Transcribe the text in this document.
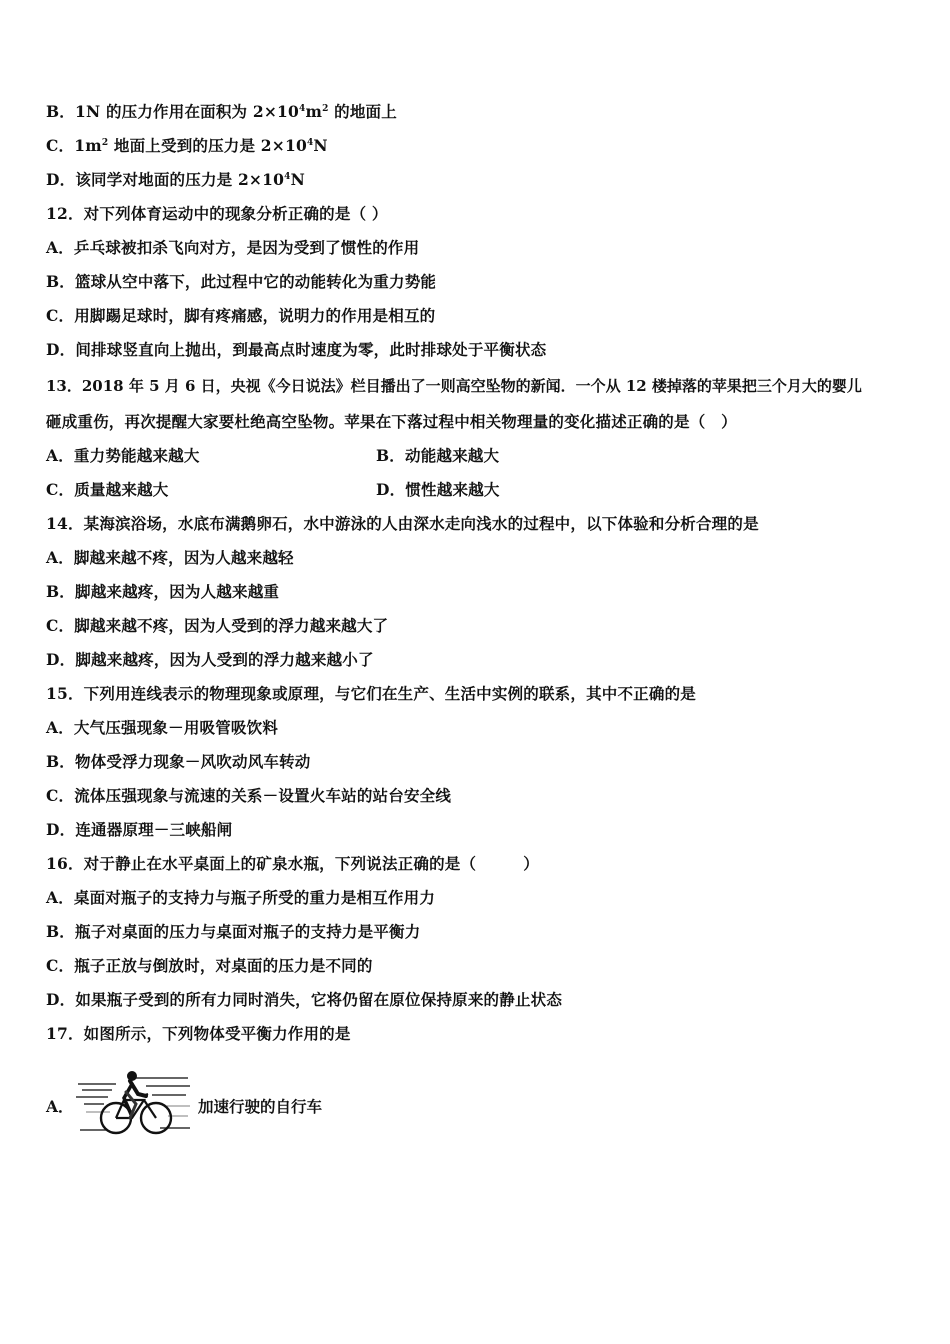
B．1N 的压力作用在面积为 $2\times 10^4m^2$ 的地面上
C．$1m^2$ 地面上受到的压力是 $2\times 10^4N$
D．该同学对地面的压力是 $2\times 10^4N$
12．对下列体育运动中的现象分析正确的是（ ）
A．乒乓球被扣杀飞向对方，是因为受到了惯性的作用
B．篮球从空中落下，此过程中它的动能转化为重力势能
C．用脚踢足球时，脚有疼痛感，说明力的作用是相互的
D．间排球竖直向上抛出，到最高点时速度为零，此时排球处于平衡状态
13．2018 年 5 月 6 日，央视《今日说法》栏目播出了一则高空坠物的新闻．一个从 12 楼掉落的苹果把三个月大的婴儿
砸成重伤，再次提醒大家要杜绝高空坠物。苹果在下落过程中相关物理量的变化描述正确的是（　）
A．重力势能越来越大	B．动能越来越大
C．质量越来越大	D．惯性越来越大
14．某海滨浴场，水底布满鹅卵石，水中游泳的人由深水走向浅水的过程中，以下体验和分析合理的是
A．脚越来越不疼，因为人越来越轻
B．脚越来越疼，因为人越来越重
C．脚越来越不疼，因为人受到的浮力越来越大了
D．脚越来越疼，因为人受到的浮力越来越小了
15．下列用连线表示的物理现象或原理，与它们在生产、生活中实例的联系，其中不正确的是
A．大气压强现象－用吸管吸饮料
B．物体受浮力现象－风吹动风车转动
C．流体压强现象与流速的关系－设置火车站的站台安全线
D．连通器原理－三峡船闸
16．对于静止在水平桌面上的矿泉水瓶，下列说法正确的是（　　　）
A．桌面对瓶子的支持力与瓶子所受的重力是相互作用力
B．瓶子对桌面的压力与桌面对瓶子的支持力是平衡力
C．瓶子正放与倒放时，对桌面的压力是不同的
D．如果瓶子受到的所有力同时消失，它将仍留在原位保持原来的静止状态
17．如图所示，下列物体受平衡力作用的是
A．	加速行驶的自行车
